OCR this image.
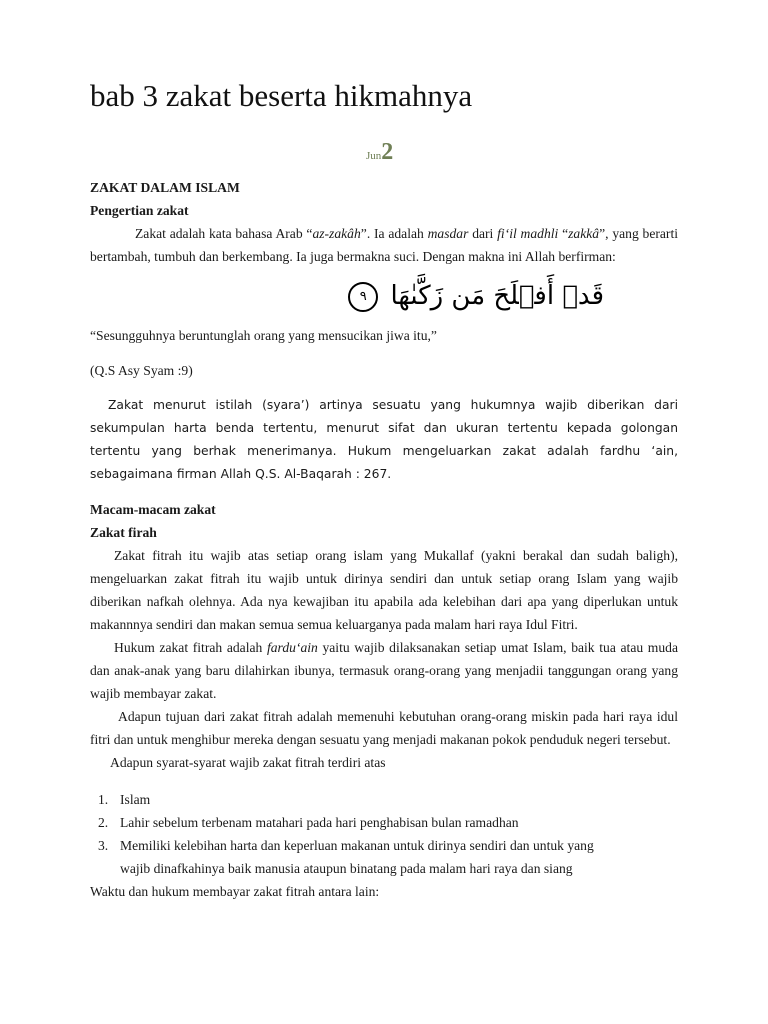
bab 3 zakat beserta hikmahnya
Jun2

ZAKAT DALAM ISLAM

Pengertian zakat

Zakat adalah kata bahasa Arab “az-zakâh”. Ia adalah masdar dari fi‘il madhli “zakkâ”, yang berarti bertambah, tumbuh dan berkembang. Ia juga bermakna suci. Dengan makna ini Allah berfirman:

قَدۡ أَفۡلَحَ مَن زَكَّىٰهَا ٩

“Sesungguhnya beruntunglah orang yang mensucikan jiwa itu,”

(Q.S Asy Syam :9)

Zakat menurut istilah (syara’) artinya sesuatu yang hukumnya wajib diberikan dari sekumpulan harta benda tertentu, menurut sifat dan ukuran tertentu kepada golongan tertentu yang berhak menerimanya. Hukum mengeluarkan zakat adalah fardhu ‘ain, sebagaimana firman Allah Q.S. Al-Baqarah : 267.

Macam-macam zakat

Zakat firah

Zakat fitrah itu wajib atas setiap orang islam yang Mukallaf (yakni berakal dan sudah baligh), mengeluarkan zakat fitrah itu wajib untuk dirinya sendiri dan untuk setiap orang Islam yang wajib diberikan nafkah olehnya. Ada nya kewajiban itu apabila ada kelebihan dari apa yang diperlukan untuk makannnya sendiri dan makan semua semua keluarganya pada malam hari raya Idul Fitri.

Hukum zakat fitrah adalah fardu‘ain yaitu wajib dilaksanakan setiap umat Islam, baik tua atau muda dan anak-anak yang baru dilahirkan ibunya, termasuk orang-orang yang menjadii tanggungan orang yang wajib membayar zakat.

Adapun tujuan dari zakat fitrah adalah memenuhi kebutuhan orang-orang miskin pada hari raya idul fitri dan untuk menghibur mereka dengan sesuatu yang menjadi makanan pokok penduduk negeri tersebut.

Adapun syarat-syarat wajib zakat fitrah terdiri atas

1. Islam
2. Lahir sebelum terbenam matahari pada hari penghabisan bulan ramadhan
3. Memiliki kelebihan harta dan keperluan makanan untuk dirinya sendiri dan untuk yang
wajib dinafkahinya baik manusia ataupun binatang pada malam hari raya dan siang

Waktu dan hukum membayar zakat fitrah antara lain:
